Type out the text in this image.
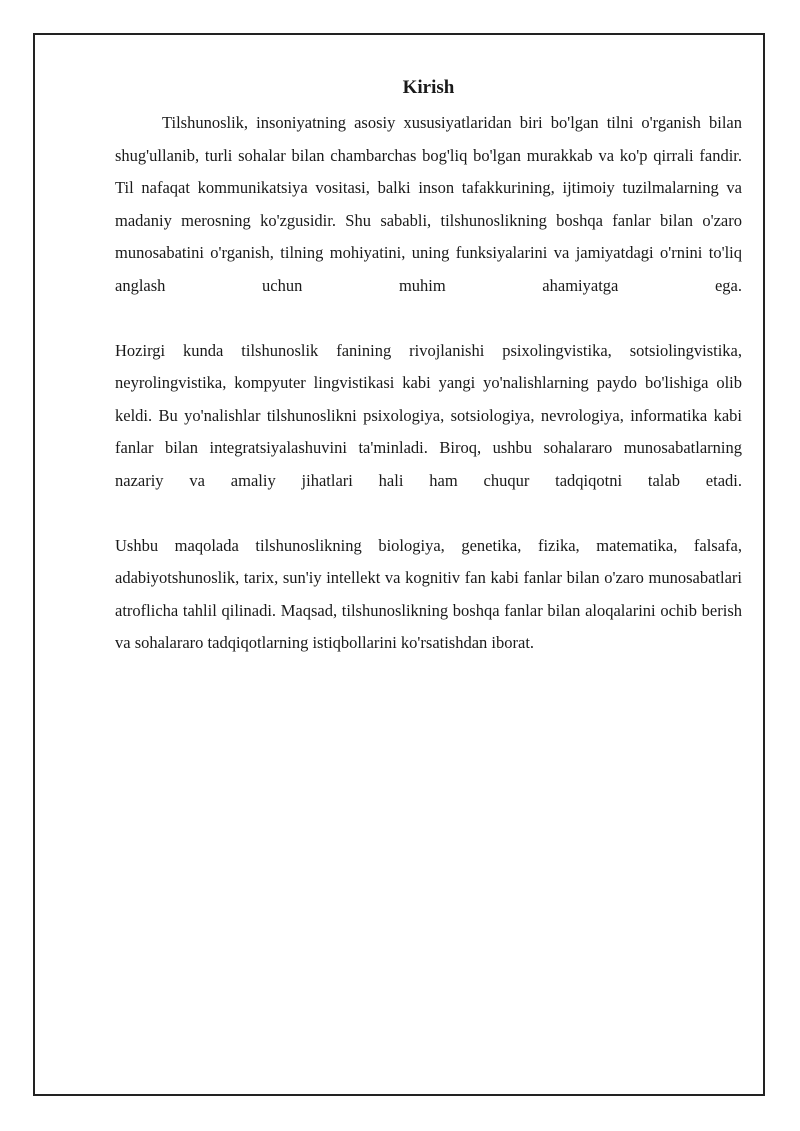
Kirish

Tilshunoslik, insoniyatning asosiy xususiyatlaridan biri bo'lgan tilni o'rganish bilan shug'ullanib, turli sohalar bilan chambarchas bog'liq bo'lgan murakkab va ko'p qirrali fandir. Til nafaqat kommunikatsiya vositasi, balki inson tafakkurining, ijtimoiy tuzilmalarning va madaniy merosning ko'zgusidir. Shu sababli, tilshunoslikning boshqa fanlar bilan o'zaro munosabatini o'rganish, tilning mohiyatini, uning funksiyalarini va jamiyatdagi o'rnini to'liq anglash uchun muhim ahamiyatga ega.

Hozirgi kunda tilshunoslik fanining rivojlanishi psixolingvistika, sotsiolingvistika, neyrolingvistika, kompyuter lingvistikasi kabi yangi yo'nalishlarning paydo bo'lishiga olib keldi. Bu yo'nalishlar tilshunoslikni psixologiya, sotsiologiya, nevrologiya, informatika kabi fanlar bilan integratsiyalashuvini ta'minladi. Biroq, ushbu sohalararo munosabatlarning nazariy va amaliy jihatlari hali ham chuqur tadqiqotni talab etadi.

Ushbu maqolada tilshunoslikning biologiya, genetika, fizika, matematika, falsafa, adabiyotshunoslik, tarix, sun'iy intellekt va kognitiv fan kabi fanlar bilan o'zaro munosabatlari atroflicha tahlil qilinadi. Maqsad, tilshunoslikning boshqa fanlar bilan aloqalarini ochib berish va sohalararo tadqiqotlarning istiqbollarini ko'rsatishdan iborat.
